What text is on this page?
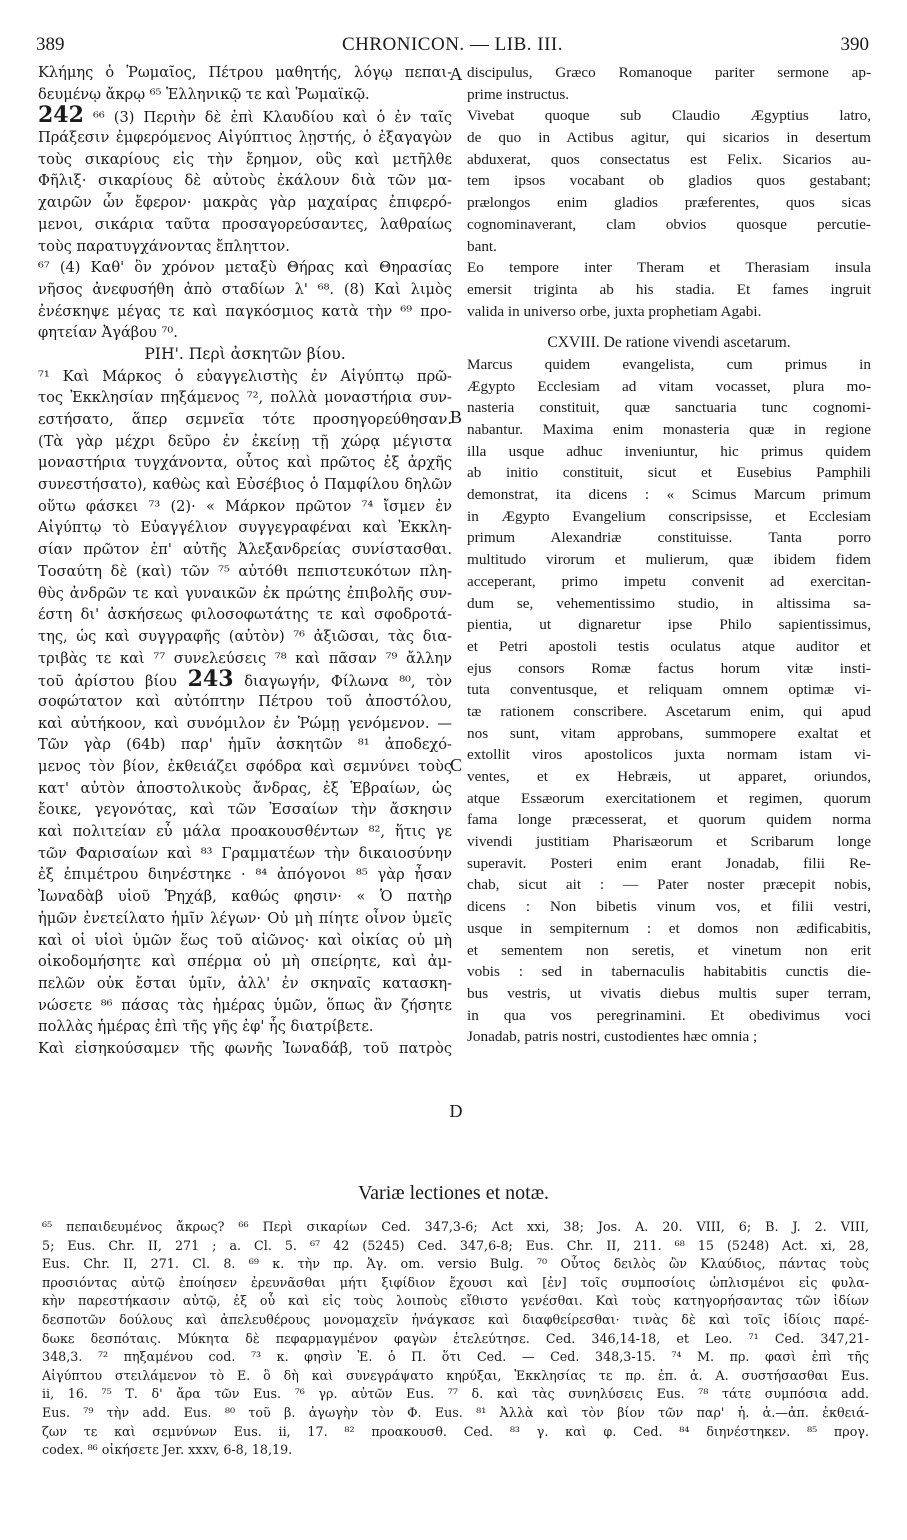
389	CHRONICON. — LIB. III.	390
Κλήμης ὁ Ῥωμαῖος, Πέτρου μαθητής, λόγῳ πεπαι-
δευμένῳ ἄκρῳ ⁶⁵ Ἑλληνικῷ τε καὶ Ῥωμαϊκῷ.
242 ⁶⁶ (3) Περιὴν δὲ ἐπὶ Κλαυδίου καὶ ὁ ἐν ταῖς
Πράξεσιν ἐμφερόμενος Αἰγύπτιος λῃστής, ὁ ἐξαγαγὼν
τοὺς σικαρίους εἰς τὴν ἔρημον, οὓς καὶ μετῆλθε
Φῆλιξ· σικαρίους δὲ αὐτοὺς ἐκάλουν διὰ τῶν μα-
χαιρῶν ὧν ἔφερον· μακρὰς γὰρ μαχαίρας ἐπιφερό-
μενοι, σικάρια ταῦτα προσαγορεύσαντες, λαθραίως
τοὺς παρατυγχάνοντας ἔπληττον.
⁶⁷ (4) Καθ' ὃν χρόνον μεταξὺ Θήρας καὶ Θηρασίας
νῆσος ἀνεφυσήθη ἀπὸ σταδίων λ' ⁶⁸. (8) Καὶ λιμὸς
ἐνέσκηψε μέγας τε καὶ παγκόσμιος κατὰ τὴν ⁶⁹ προ-
φητείαν Ἀγάβου ⁷⁰.
ΡΙΗ'. Περὶ ἀσκητῶν βίου.
⁷¹ Καὶ Μάρκος ὁ εὐαγγελιστὴς ἐν Αἰγύπτῳ πρῶ-
τος Ἐκκλησίαν πηξάμενος ⁷², πολλὰ μοναστήρια συν-
εστήσατο, ἅπερ σεμνεῖα τότε προσηγορεύθησαν.
(Τὰ γὰρ μέχρι δεῦρο ἐν ἐκείνῃ τῇ χώρᾳ μέγιστα
μοναστήρια τυγχάνοντα, οὗτος καὶ πρῶτος ἐξ ἀρχῆς
συνεστήσατο), καθὼς καὶ Εὐσέβιος ὁ Παμφίλου δηλῶν
οὕτω φάσκει ⁷³ (2)· « Μάρκον πρῶτον ⁷⁴ ἴσμεν ἐν
Αἰγύπτῳ τὸ Εὐαγγέλιον συγγεγραφέναι καὶ Ἐκκλη-
σίαν πρῶτον ἐπ' αὐτῆς Ἀλεξανδρείας συνίστασθαι.
Τοσαύτη δὲ (καὶ) τῶν ⁷⁵ αὐτόθι πεπιστευκότων πλη-
θὺς ἀνδρῶν τε καὶ γυναικῶν ἐκ πρώτης ἐπιβολῆς συν-
έστη δι' ἀσκήσεως φιλοσοφωτάτης τε καὶ σφοδροτά-
της, ὡς καὶ συγγραφῆς (αὐτὸν) ⁷⁶ ἀξιῶσαι, τὰς δια-
τριβὰς τε καὶ ⁷⁷ συνελεύσεις ⁷⁸ καὶ πᾶσαν ⁷⁹ ἄλλην
τοῦ ἀρίστου βίου 243 διαγωγήν, Φίλωνα ⁸⁰, τὸν
σοφώτατον καὶ αὐτόπτην Πέτρου τοῦ ἀποστόλου,
καὶ αὐτήκοον, καὶ συνόμιλον ἐν Ῥώμῃ γενόμενον. —
Τῶν γὰρ (64b) παρ' ἡμῖν ἀσκητῶν ⁸¹ ἀποδεχό-
μενος τὸν βίον, ἐκθειάζει σφόδρα καὶ σεμνύνει τοὺς
κατ' αὐτὸν ἀποστολικοὺς ἄνδρας, ἐξ Ἑβραίων, ὡς
ἔοικε, γεγονότας, καὶ τῶν Ἐσσαίων τὴν ἄσκησιν
καὶ πολιτείαν εὖ μάλα προακουσθέντων ⁸², ἥτις γε
τῶν Φαρισαίων καὶ ⁸³ Γραμματέων τὴν δικαιοσύνην
ἐξ ἐπιμέτρου διηνέστηκε · ⁸⁴ ἀπόγονοι ⁸⁵ γὰρ ἦσαν
Ἰωναδὰβ υἱοῦ Ῥηχάβ, καθώς φησιν· « Ὁ πατὴρ
ἡμῶν ἐνετείλατο ἡμῖν λέγων· Οὐ μὴ πίητε οἶνον ὑμεῖς
καὶ οἱ υἱοὶ ὑμῶν ἕως τοῦ αἰῶνος· καὶ οἰκίας οὐ μὴ
οἰκοδομήσητε καὶ σπέρμα οὐ μὴ σπείρητε, καὶ ἀμ-
πελῶν οὐκ ἔσται ὑμῖν, ἀλλ' ἐν σκηναῖς κατασκη-
νώσετε ⁸⁶ πάσας τὰς ἡμέρας ὑμῶν, ὅπως ἂν ζήσητε
πολλὰς ἡμέρας ἐπὶ τῆς γῆς ἐφ' ἧς διατρίβετε.
Καὶ εἰσηκούσαμεν τῆς φωνῆς Ἰωναδάβ, τοῦ πατρὸς
discipulus, Græco Romanoque pariter sermone ap-
prime instructus.
Vivebat quoque sub Claudio Ægyptius latro,
de quo in Actibus agitur, qui sicarios in desertum
abduxerat, quos consectatus est Felix. Sicarios au-
tem ipsos vocabant ob gladios quos gestabant;
prælongos enim gladios præferentes, quos sicas
cognominaverant, clam obvios quosque percutie-
bant.
Eo tempore inter Theram et Therasiam insula
emersit triginta ab his stadia. Et fames ingruit
valida in universo orbe, juxta prophetiam Agabi.
CXVIII. De ratione vivendi ascetarum.
Marcus quidem evangelista, cum primus in
Ægypto Ecclesiam ad vitam vocasset, plura mo-
nasteria constituit, quæ sanctuaria tunc cognomi-
nabantur. Maxima enim monasteria quæ in regione
illa usque adhuc inveniuntur, hic primus quidem
ab initio constituit, sicut et Eusebius Pamphili
demonstrat, ita dicens : « Scimus Marcum primum
in Ægypto Evangelium conscripsisse, et Ecclesiam
primum Alexandriæ constituisse. Tanta porro
multitudo virorum et mulierum, quæ ibidem fidem
acceperant, primo impetu convenit ad exercitan-
dum se, vehementissimo studio, in altissima sa-
pientia, ut dignaretur ipse Philo sapientissimus,
et Petri apostoli testis oculatus atque auditor et
ejus consors Romæ factus horum vitæ insti-
tuta conventusque, et reliquam omnem optimæ vi-
tæ rationem conscribere. Ascetarum enim, qui apud
nos sunt, vitam approbans, summopere exaltat et
extollit viros apostolicos juxta normam istam vi-
ventes, et ex Hebræis, ut apparet, oriundos,
atque Essæorum exercitationem et regimen, quorum
fama longe præcesserat, et quorum quidem norma
vivendi justitiam Pharisæorum et Scribarum longe
superavit. Posteri enim erant Jonadab, filii Re-
chab, sicut ait : — Pater noster præcepit nobis,
dicens : Non bibetis vinum vos, et filii vestri,
usque in sempiternum : et domos non ædificabitis,
et sementem non seretis, et vinetum non erit
vobis : sed in tabernaculis habitabitis cunctis die-
bus vestris, ut vivatis diebus multis super terram,
in qua vos peregrinamini. Et obedivimus voci
Jonadab, patris nostri, custodientes hæc omnia ;
A
B
C
D
Variæ lectiones et notæ.
⁶⁵ πεπαιδευμένος ἄκρως? ⁶⁶ Περὶ σικαρίων Ced. 347,3-6; Act xxi, 38; Jos. A. 20. VIII, 6; B. J. 2. VIII,
5; Eus. Chr. II, 271 ; a. Cl. 5. ⁶⁷ 42 (5245) Ced. 347,6-8; Eus. Chr. II, 211. ⁶⁸ 15 (5248) Act. xi, 28,
Eus. Chr. II, 271. Cl. 8. ⁶⁹ κ. τὴν πρ. Ἀγ. om. versio Bulg. ⁷⁰ Οὗτος δειλὸς ὢν Κλαύδιος, πάντας τοὺς
προσιόντας αὐτῷ ἐποίησεν ἐρευνᾶσθαι μήτι ξιφίδιον ἔχουσι καὶ [ἐν] τοῖς συμποσίοις ὡπλισμένοι εἰς φυλα-
κὴν παρεστήκασιν αὐτῷ, ἐξ οὗ καὶ εἰς τοὺς λοιποὺς εἴθιστο γενέσθαι. Καὶ τοὺς κατηγορήσαντας τῶν ἰδίων
δεσποτῶν δούλους καὶ ἀπελευθέρους μονομαχεῖν ἠνάγκασε καὶ διαφθείρεσθαι· τινὰς δὲ καὶ τοῖς ἰδίοις παρέ-
δωκε δεσπόταις. Μύκητα δὲ πεφαρμαγμένον φαγὼν ἐτελεύτησε. Ced. 346,14-18, et Leo. ⁷¹ Ced. 347,21-
348,3. ⁷² πηξαμένου cod. ⁷³ κ. φησὶν Ἐ. ὁ Π. ὅτι Ced. — Ced. 348,3-15. ⁷⁴ Μ. πρ. φασὶ ἐπὶ τῆς
Αἰγύπτου στειλάμενον τὸ Ε. ὃ δὴ καὶ συνεγράψατο κηρύξαι, Ἐκκλησίας τε πρ. ἐπ. ἀ. Α. συστήσασθαι Eus.
ii, 16. ⁷⁵ Τ. δ' ἄρα τῶν Eus. ⁷⁶ γρ. αὐτῶν Eus. ⁷⁷ δ. καὶ τὰς συνηλύσεις Eus. ⁷⁸ τάτε συμπόσια add.
Eus. ⁷⁹ τὴν add. Eus. ⁸⁰ τοῦ β. ἀγωγὴν τὸν Φ. Eus. ⁸¹ Ἀλλὰ καὶ τὸν βίον τῶν παρ' ἡ. ἀ.—ἀπ. ἐκθειά-
ζων τε καὶ σεμνύνων Eus. ii, 17. ⁸² προακουσθ. Ced. ⁸³ γ. καὶ φ. Ced. ⁸⁴ διηνέστηκεν. ⁸⁵ προγ.
codex. ⁸⁶ οἰκήσετε Jer. xxxv, 6-8, 18,19.
